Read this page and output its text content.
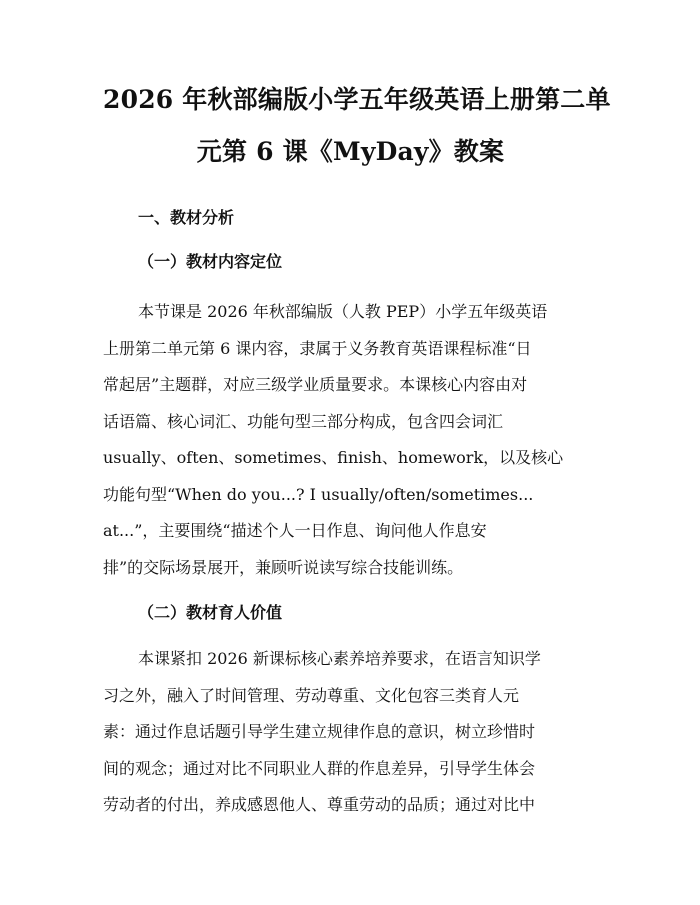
2026 年秋部编版小学五年级英语上册第二单
元第 6 课《MyDay》教案
一、教材分析
（一）教材内容定位

本节课是 2026 年秋部编版（人教 PEP）小学五年级英语
上册第二单元第 6 课内容，隶属于义务教育英语课程标准“日
常起居”主题群，对应三级学业质量要求。本课核心内容由对
话语篇、核心词汇、功能句型三部分构成，包含四会词汇
usually、often、sometimes、finish、homework，以及核心
功能句型“When do you...? I usually/often/sometimes...
at...”，主要围绕“描述个人一日作息、询问他人作息安
排”的交际场景展开，兼顾听说读写综合技能训练。

（二）教材育人价值

本课紧扣 2026 新课标核心素养培养要求，在语言知识学
习之外，融入了时间管理、劳动尊重、文化包容三类育人元
素：通过作息话题引导学生建立规律作息的意识，树立珍惜时
间的观念；通过对比不同职业人群的作息差异，引导学生体会
劳动者的付出，养成感恩他人、尊重劳动的品质；通过对比中
